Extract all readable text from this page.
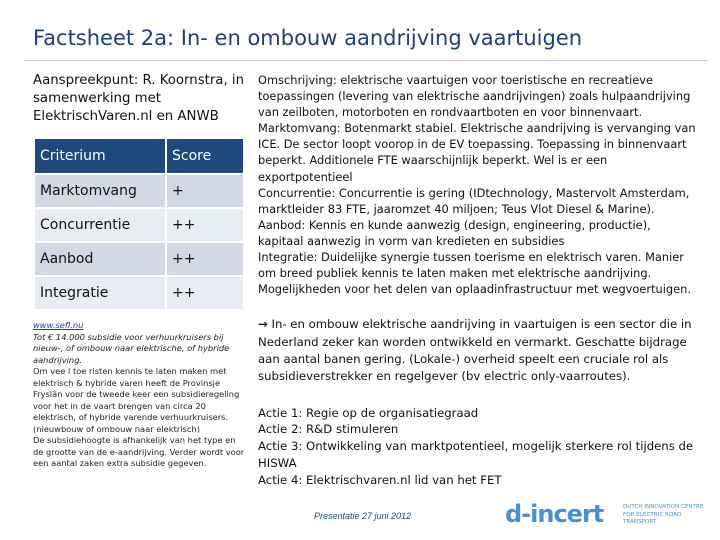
Factsheet 2a: In- en ombouw aandrijving vaartuigen
Aanspreekpunt: R. Koornstra, in samenwerking met ElektrischVaren.nl en ANWB
Criterium	Score
Marktomvang	+
Concurrentie	++
Aanbod	++
Integratie	++
www.sefl.nu
Tot € 14.000 subsidie voor verhuurkruisers bij nieuw-, of ombouw naar elektrische, of hybride aandrijving.
Om vee l toe risten kennis te laten maken met elektrisch & hybride varen heeft de Provinsje Fryslân voor de tweede keer een subsidieregeling voor het in de vaart brengen van circa 20 elektrisch, of hybride varende verhuurkruisers. (nieuwbouw of ombouw naar elektrisch)
De subsidiehoogte is afhankelijk van het type en de grootte van de e-aandrijving. Verder wordt voor een aantal zaken extra subsidie gegeven.

Omschrijving: elektrische vaartuigen voor toeristische en recreatieve toepassingen (levering van elektrische aandrijvingen) zoals hulpaandrijving van zeilboten, motorboten en rondvaartboten en voor binnenvaart.

Marktomvang: Botenmarkt stabiel. Elektrische aandrijving is vervanging van ICE. De sector loopt voorop in de EV toepassing. Toepassing in binnenvaart beperkt. Additionele FTE waarschijnlijk beperkt. Wel is er een exportpotentieel

Concurrentie: Concurrentie is gering (IDtechnology, Mastervolt Amsterdam, marktleider 83 FTE, jaaromzet 40 miljoen; Teus Vlot Diesel & Marine).

Aanbod: Kennis en kunde aanwezig (design, engineering, productie), kapitaal aanwezig in vorm van kredieten en subsidies

Integratie: Duidelijke synergie tussen toerisme en elektrisch varen. Manier om breed publiek kennis te laten maken met elektrische aandrijving. Mogelijkheden voor het delen van oplaadinfrastructuur met wegvoertuigen.

→ In- en ombouw elektrische aandrijving in vaartuigen is een sector die in Nederland zeker kan worden ontwikkeld en vermarkt. Geschatte bijdrage aan aantal banen gering. (Lokale-) overheid speelt een cruciale rol als subsidieverstrekker en regelgever (bv electric only-vaarroutes).

Actie 1: Regie op de organisatiegraad

Actie 2: R&D stimuleren

Actie 3: Ontwikkeling van marktpotentieel, mogelijk sterkere rol tijdens de HISWA

Actie 4: Elektrischvaren.nl lid van het FET

Presentatie 27 juni 2012	d-incert	DUTCH INNOVATION CENTRE FOR ELECTRIC ROAD TRANSPORT
